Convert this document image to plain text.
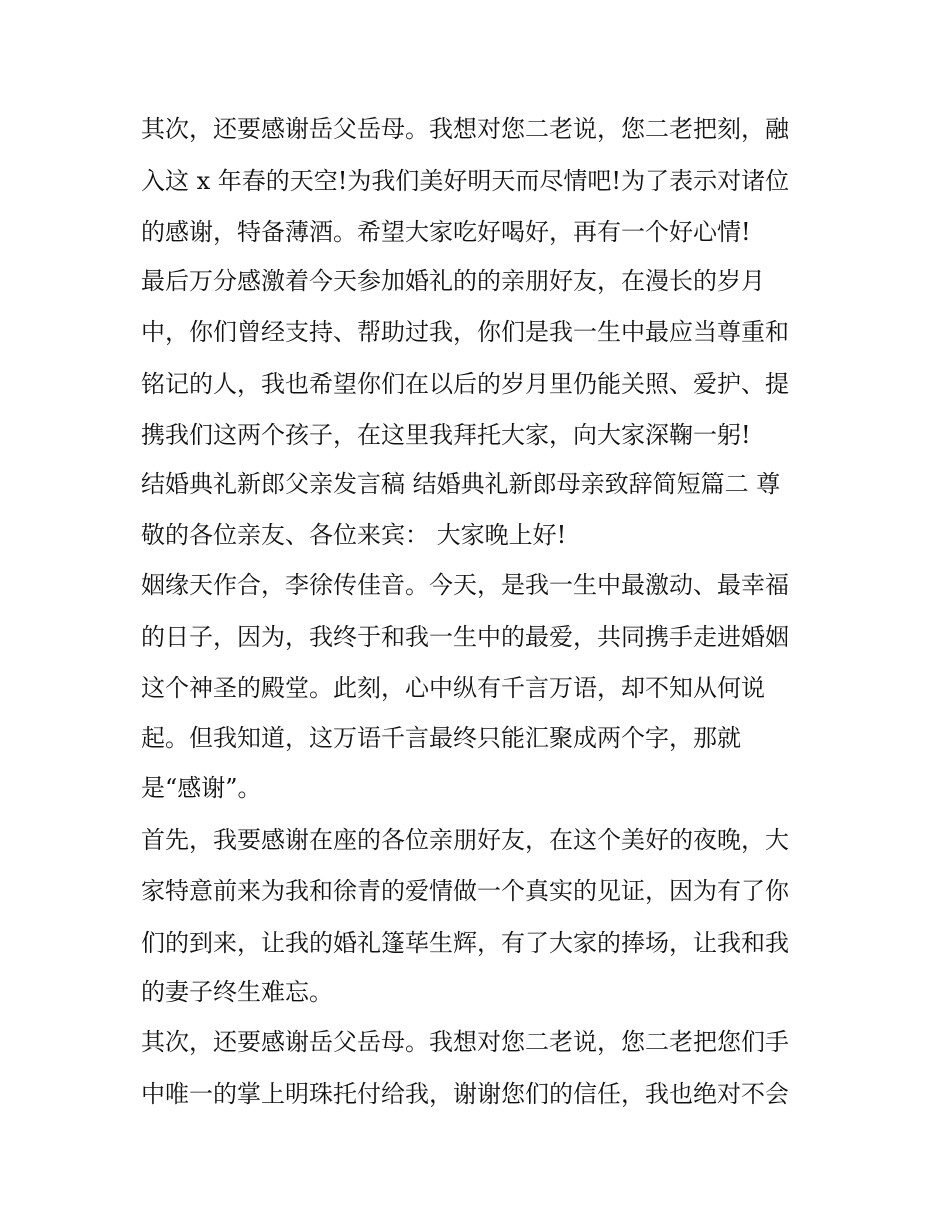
其次，还要感谢岳父岳母。我想对您二老说，您二老把刻，融

入这 x 年春的天空!为我们美好明天而尽情吧!为了表示对诸位

的感谢，特备薄酒。希望大家吃好喝好，再有一个好心情!

最后万分感激着今天参加婚礼的的亲朋好友，在漫长的岁月

中，你们曾经支持、帮助过我，你们是我一生中最应当尊重和

铭记的人，我也希望你们在以后的岁月里仍能关照、爱护、提

携我们这两个孩子，在这里我拜托大家，向大家深鞠一躬!

结婚典礼新郎父亲发言稿 结婚典礼新郎母亲致辞简短篇二 尊

敬的各位亲友、各位来宾： 大家晚上好!

姻缘天作合，李徐传佳音。今天，是我一生中最激动、最幸福

的日子，因为，我终于和我一生中的最爱，共同携手走进婚姻

这个神圣的殿堂。此刻，心中纵有千言万语，却不知从何说

起。但我知道，这万语千言最终只能汇聚成两个字，那就

是“感谢”。

首先，我要感谢在座的各位亲朋好友，在这个美好的夜晚，大

家特意前来为我和徐青的爱情做一个真实的见证，因为有了你

们的到来，让我的婚礼篷荜生辉，有了大家的捧场，让我和我

的妻子终生难忘。

其次，还要感谢岳父岳母。我想对您二老说，您二老把您们手

中唯一的掌上明珠托付给我，谢谢您们的信任，我也绝对不会
